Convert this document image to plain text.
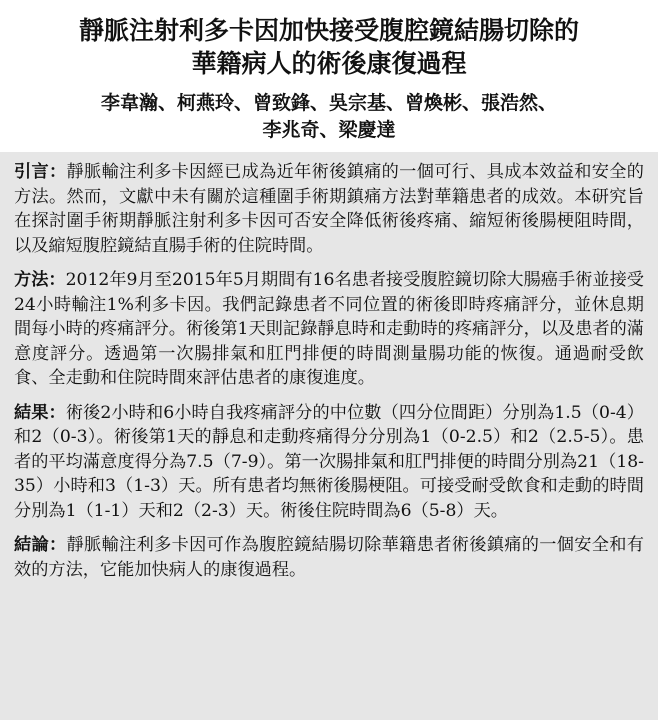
靜脈注射利多卡因加快接受腹腔鏡結腸切除的
華籍病人的術後康復過程
李韋瀚、柯燕玲、曾致鋒、吳宗基、曾煥彬、張浩然、
李兆奇、梁慶達

引言：靜脈輸注利多卡因經已成為近年術後鎮痛的一個可行、具成本效益和安全的方法。然而，文獻中未有關於這種圍手術期鎮痛方法對華籍患者的成效。本研究旨在探討圍手術期靜脈注射利多卡因可否安全降低術後疼痛、縮短術後腸梗阻時間，以及縮短腹腔鏡結直腸手術的住院時間。

方法：2012年9月至2015年5月期間有16名患者接受腹腔鏡切除大腸癌手術並接受24小時輸注1%利多卡因。我們記錄患者不同位置的術後即時疼痛評分，並休息期間每小時的疼痛評分。術後第1天則記錄靜息時和走動時的疼痛評分，以及患者的滿意度評分。透過第一次腸排氣和肛門排便的時間測量腸功能的恢復。通過耐受飲食、全走動和住院時間來評估患者的康復進度。

結果：術後2小時和6小時自我疼痛評分的中位數（四分位間距）分別為1.5（0-4）和2（0-3）。術後第1天的靜息和走動疼痛得分分別為1（0-2.5）和2（2.5-5）。患者的平均滿意度得分為7.5（7-9）。第一次腸排氣和肛門排便的時間分別為21（18-35）小時和3（1-3）天。所有患者均無術後腸梗阻。可接受耐受飲食和走動的時間分別為1（1-1）天和2（2-3）天。術後住院時間為6（5-8）天。

結論：靜脈輸注利多卡因可作為腹腔鏡結腸切除華籍患者術後鎮痛的一個安全和有效的方法，它能加快病人的康復過程。
